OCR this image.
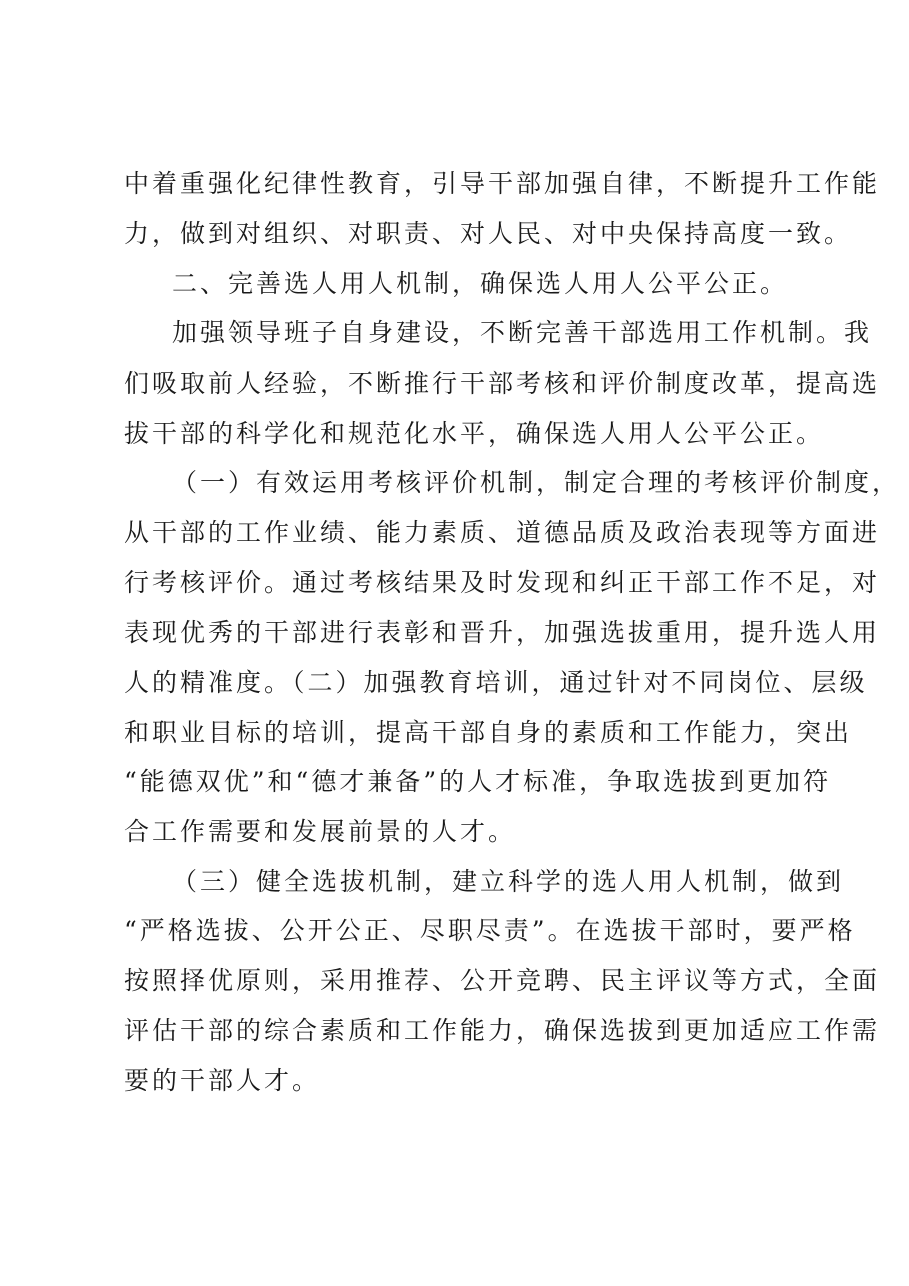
中着重强化纪律性教育，引导干部加强自律，不断提升工作能
力，做到对组织、对职责、对人民、对中央保持高度一致。
二、完善选人用人机制，确保选人用人公平公正。
加强领导班子自身建设，不断完善干部选用工作机制。我
们吸取前人经验，不断推行干部考核和评价制度改革，提高选
拔干部的科学化和规范化水平，确保选人用人公平公正。
（一）有效运用考核评价机制，制定合理的考核评价制度，
从干部的工作业绩、能力素质、道德品质及政治表现等方面进
行考核评价。通过考核结果及时发现和纠正干部工作不足，对
表现优秀的干部进行表彰和晋升，加强选拔重用，提升选人用
人的精准度。（二）加强教育培训，通过针对不同岗位、层级
和职业目标的培训，提高干部自身的素质和工作能力，突出
“能德双优”和“德才兼备”的人才标准，争取选拔到更加符
合工作需要和发展前景的人才。
（三）健全选拔机制，建立科学的选人用人机制，做到
“严格选拔、公开公正、尽职尽责”。在选拔干部时，要严格
按照择优原则，采用推荐、公开竞聘、民主评议等方式，全面
评估干部的综合素质和工作能力，确保选拔到更加适应工作需
要的干部人才。
